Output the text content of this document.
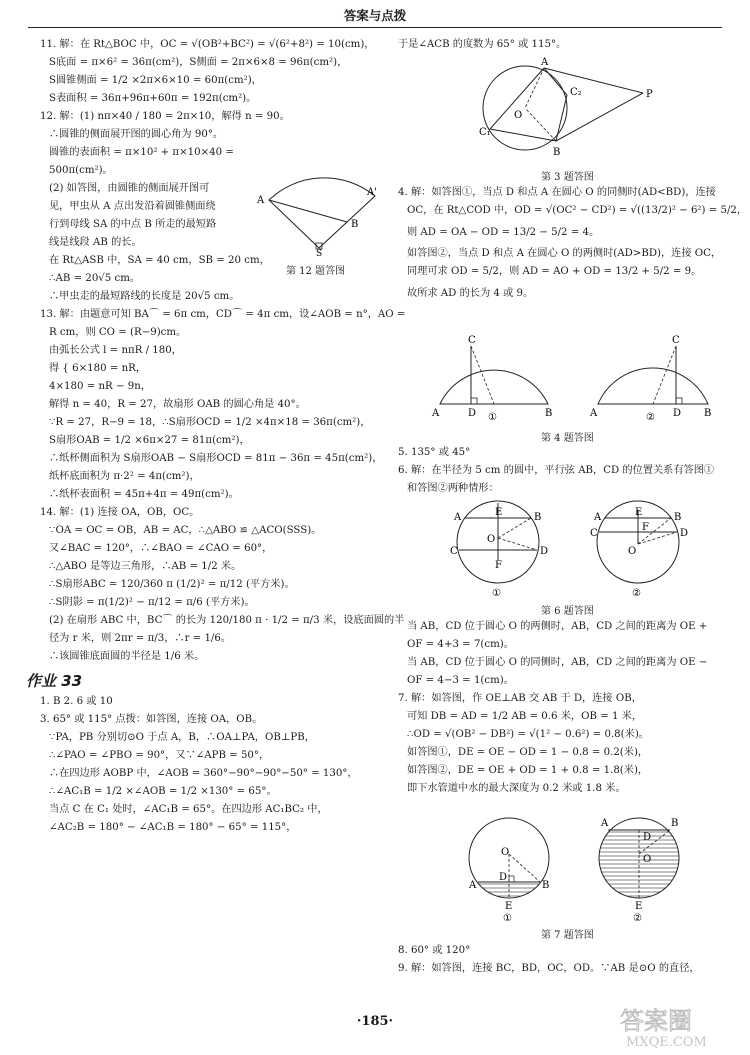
答案与点拨
11. 解：在 Rt△BOC 中，OC = √(OB²+BC²) = √(6²+8²) = 10(cm)，
S底面 = π×6² = 36π(cm²)，S侧面 = 2π×6×8 = 96π(cm²)，
S圆锥侧面 = 1/2 ×2π×6×10 = 60π(cm²)，
S表面积 = 36π+96π+60π = 192π(cm²)。
12. 解：(1) nπ×40 / 180 = 2π×10，解得 n = 90。
∴圆锥的侧面展开图的圆心角为 90°。
圆锥的表面积 = π×10² + π×10×40 =
500π(cm²)。
(2) 如答图，由圆锥的侧面展开图可
见，甲虫从 A 点出发沿着圆锥侧面绕
行到母线 SA 的中点 B 所走的最短路
线是线段 AB 的长。
在 Rt△ASB 中，SA = 40 cm，SB = 20 cm，
∴AB = 20√5 cm。
∴甲虫走的最短路线的长度是 20√5 cm。
13. 解：由题意可知 BA⌒ = 6π cm，CD⌒ = 4π cm，设∠AOB = n°，AO =
R cm，则 CO = (R−9)cm。
由弧长公式 l = nπR / 180，
得 { 6×180 = nR，
4×180 = nR − 9n，
解得 n = 40，R = 27，故扇形 OAB 的圆心角是 40°。
∵R = 27，R−9 = 18，∴S扇形OCD = 1/2 ×4π×18 = 36π(cm²)，
S扇形OAB = 1/2 ×6π×27 = 81π(cm²)，
∴纸杯侧面积为 S扇形OAB − S扇形OCD = 81π − 36π = 45π(cm²)，
纸杯底面积为 π·2² = 4π(cm²)，
∴纸杯表面积 = 45π+4π = 49π(cm²)。
14. 解：(1) 连接 OA，OB，OC。
∵OA = OC = OB，AB = AC，∴△ABO ≌ △ACO(SSS)。
又∠BAC = 120°，∴∠BAO = ∠CAO = 60°，
∴△ABO 是等边三角形，∴AB = 1/2 米。
∴S扇形ABC = 120/360 π (1/2)² = π/12 (平方米)。
∴S阴影 = π(1/2)² − π/12 = π/6 (平方米)。
(2) 在扇形 ABC 中，BC⌒ 的长为 120/180 π · 1/2 = π/3 米，设底面圆的半
径为 r 米，则 2πr = π/3，∴r = 1/6。
∴该圆锥底面圆的半径是 1/6 米。
作业 33
1. B 2. 6 或 10
3. 65° 或 115° 点拨：如答图，连接 OA，OB。
∵PA，PB 分别切⊙O 于点 A，B，∴OA⊥PA，OB⊥PB，
∴∠PAO = ∠PBO = 90°，又∵∠APB = 50°，
∴在四边形 AOBP 中，∠AOB = 360°−90°−90°−50° = 130°，
∴∠AC₁B = 1/2 ×∠AOB = 1/2 ×130° = 65°。
当点 C 在 C₁ 处时，∠AC₁B = 65°。在四边形 AC₁BC₂ 中，
∠AC₂B = 180° − ∠AC₁B = 180° − 65° = 115°，
A
A'
B
S
第 12 题答图
于是∠ACB 的度数为 65° 或 115°。
A
B
C₁
C₂
O
P
第 3 题答图
4. 解：如答图①，当点 D 和点 A 在圆心 O 的同侧时(AD<BD)，连接
OC，在 Rt△COD 中，OD = √(OC² − CD²) = √((13/2)² − 6²) = 5/2，
则 AD = OA − OD = 13/2 − 5/2 = 4。
如答图②，当点 D 和点 A 在圆心 O 的两侧时(AD>BD)，连接 OC，
同理可求 OD = 5/2，则 AD = AO + OD = 13/2 + 5/2 = 9。
故所求 AD 的长为 4 或 9。
C
A	D	B
①
C
A	D B
②
第 4 题答图
5. 135° 或 45°
6. 解：在半径为 5 cm 的圆中，平行弦 AB，CD 的位置关系有答图①
和答图②两种情形：
A	E	B
O
C	D
F
①
A	E	B
O
F
C	D
②
第 6 题答图
当 AB，CD 位于圆心 O 的两侧时，AB，CD 之间的距离为 OE +
OF = 4+3 = 7(cm)。
当 AB，CD 位于圆心 O 的同侧时，AB，CD 之间的距离为 OE −
OF = 4−3 = 1(cm)。
7. 解：如答图，作 OE⊥AB 交 AB 于 D，连接 OB，
可知 DB = AD = 1/2 AB = 0.6 米，OB = 1 米，
∴OD = √(OB² − DB²) = √(1² − 0.6²) = 0.8(米)。
如答图①，DE = OE − OD = 1 − 0.8 = 0.2(米)，
如答图②，DE = OE + OD = 1 + 0.8 = 1.8(米)，
即下水管道中水的最大深度为 0.2 米或 1.8 米。
O
D
A	B
E
①
A	B
D
O
E
②
第 7 题答图
8. 60° 或 120°
9. 解：如答图，连接 BC，BD，OC，OD。∵AB 是⊙O 的直径，
·185·	答案圈
MXQE.COM
